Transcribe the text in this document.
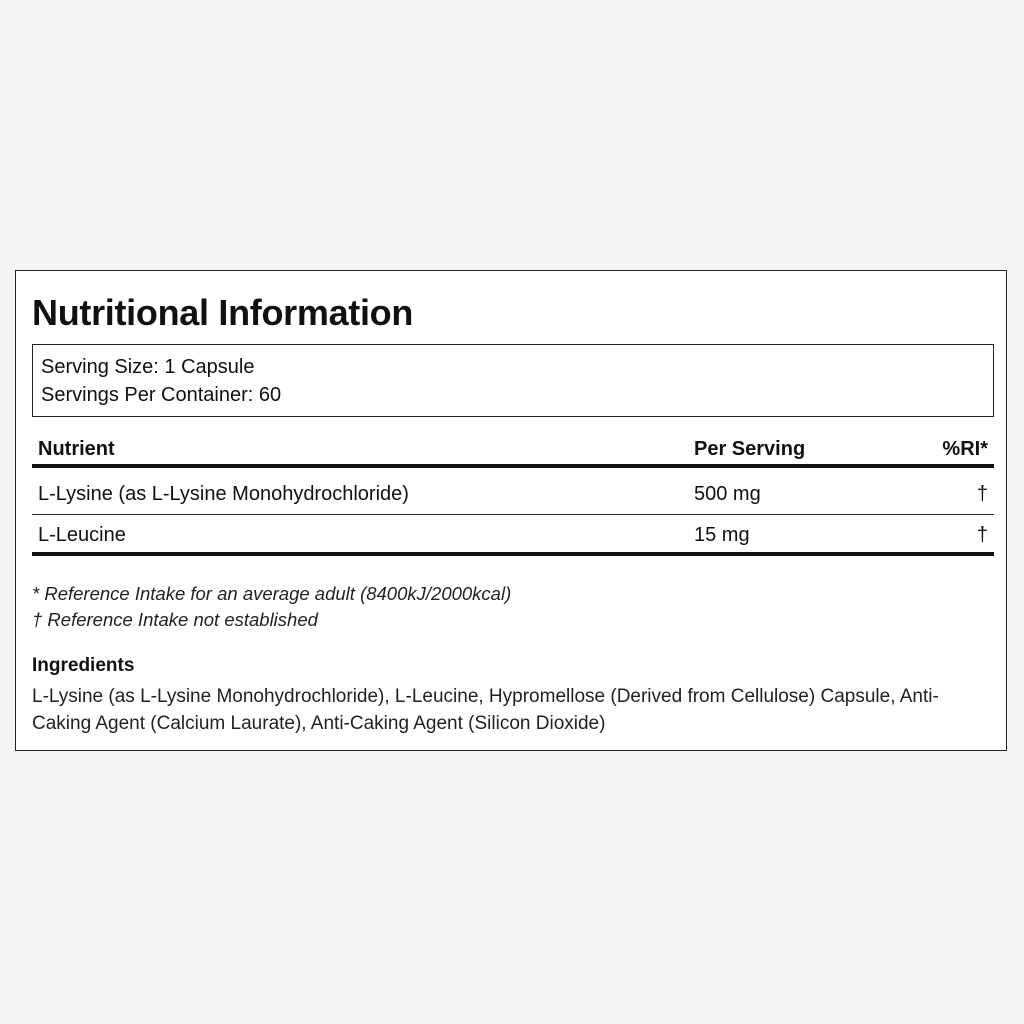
Nutritional Information
Serving Size: 1 Capsule
Servings Per Container: 60
Nutrient	Per Serving	%RI*
L-Lysine (as L-Lysine Monohydrochloride)	500 mg	†
L-Leucine	15 mg	†
* Reference Intake for an average adult (8400kJ/2000kcal)
† Reference Intake not established
Ingredients
L-Lysine (as L-Lysine Monohydrochloride), L-Leucine, Hypromellose (Derived from Cellulose) Capsule, Anti-Caking Agent (Calcium Laurate), Anti-Caking Agent (Silicon Dioxide)
